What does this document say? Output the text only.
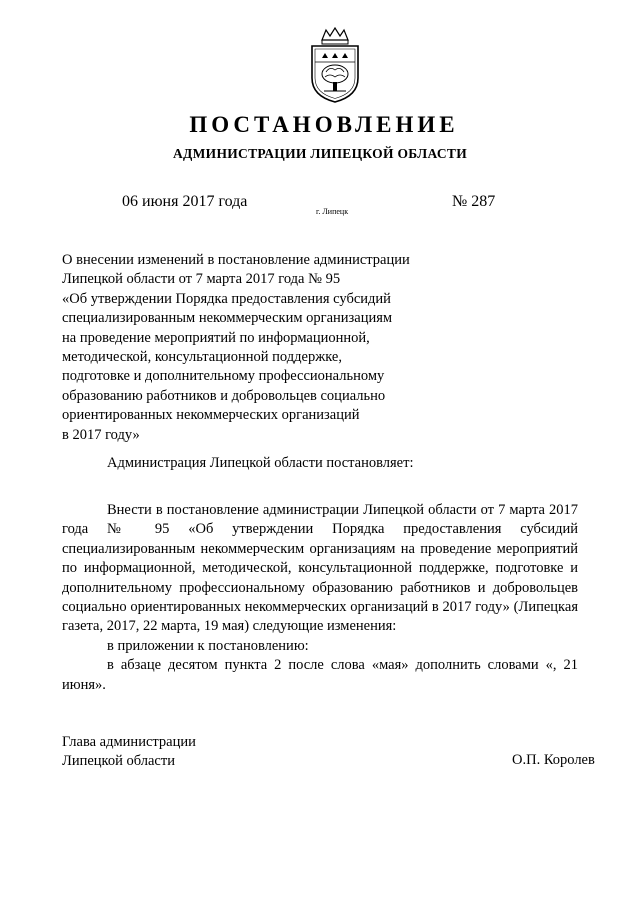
ПОСТАНОВЛЕНИЕ
АДМИНИСТРАЦИИ ЛИПЕЦКОЙ ОБЛАСТИ
06 июня 2017 года
г. Липецк
№ 287
О внесении изменений в постановление администрации
Липецкой области от 7 марта 2017 года № 95
«Об утверждении Порядка предоставления субсидий
специализированным некоммерческим организациям
на проведение мероприятий по информационной,
методической, консультационной поддержке,
подготовке и дополнительному профессиональному
образованию работников и добровольцев социально
ориентированных некоммерческих организаций
в 2017 году»
Администрация Липецкой области постановляет:
Внести в постановление администрации Липецкой области от 7 марта 2017
года № 95 «Об утверждении Порядка предоставления субсидий
специализированным некоммерческим организациям на проведение мероприятий
по информационной, методической, консультационной поддержке, подготовке и
дополнительному профессиональному образованию работников и добровольцев
социально ориентированных некоммерческих организаций в 2017 году» (Липецкая
газета, 2017, 22 марта, 19 мая) следующие изменения:
в приложении к постановлению:
в абзаце десятом пункта 2 после слова «мая» дополнить словами «, 21
июня».
Глава администрации
Липецкой области	О.П. Королев
